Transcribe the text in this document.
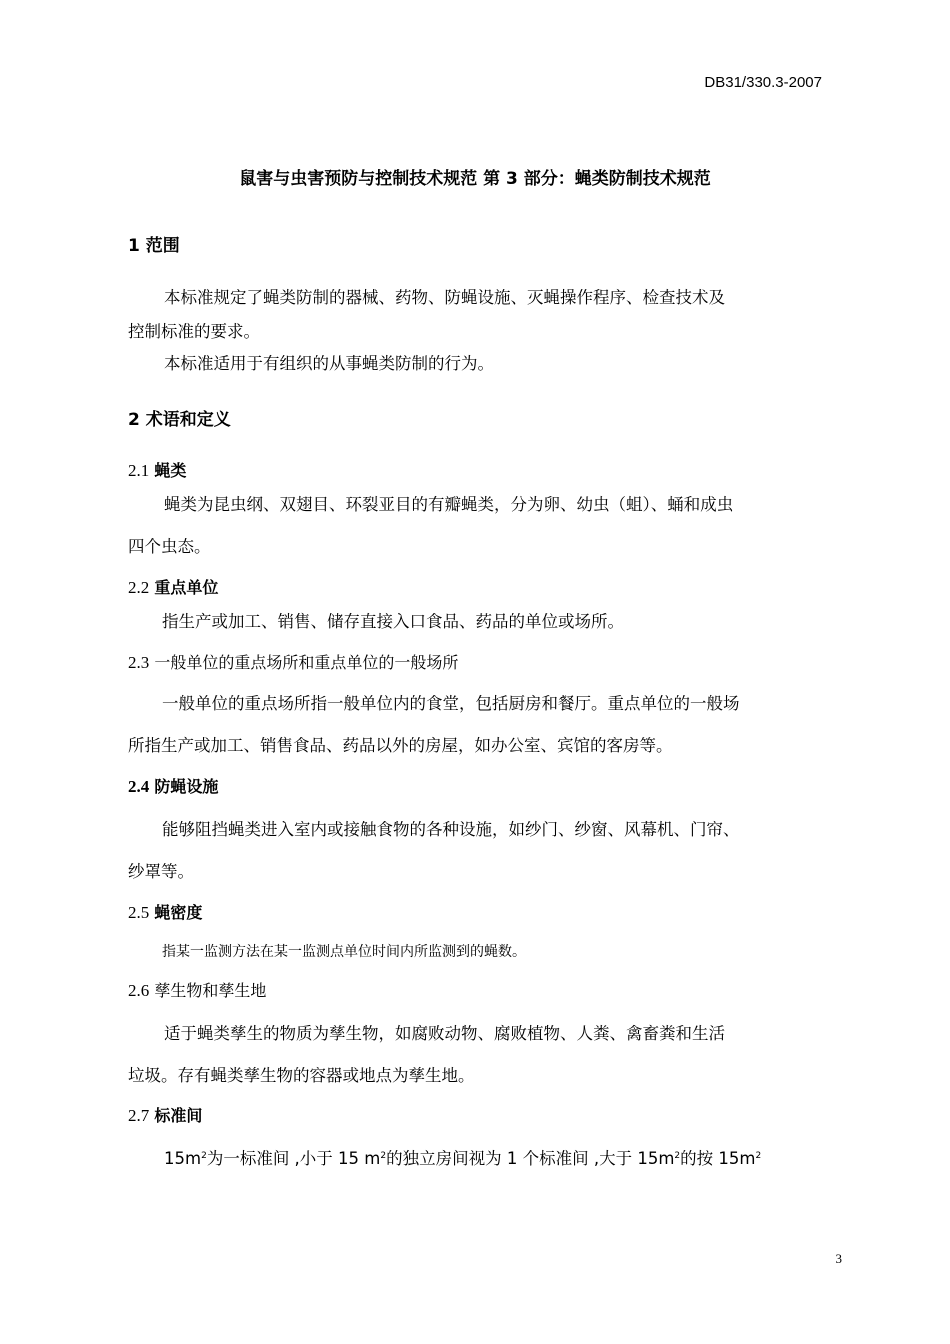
DB31/330.3-2007
鼠害与虫害预防与控制技术规范 第 3 部分：蝇类防制技术规范
1 范围
本标准规定了蝇类防制的器械、药物、防蝇设施、灭蝇操作程序、检查技术及
控制标准的要求。
本标准适用于有组织的从事蝇类防制的行为。
2 术语和定义
2.1 蝇类
蝇类为昆虫纲、双翅目、环裂亚目的有瓣蝇类，分为卵、幼虫（蛆）、蛹和成虫
四个虫态。
2.2 重点单位
指生产或加工、销售、储存直接入口食品、药品的单位或场所。
2.3 一般单位的重点场所和重点单位的一般场所
一般单位的重点场所指一般单位内的食堂，包括厨房和餐厅。重点单位的一般场
所指生产或加工、销售食品、药品以外的房屋，如办公室、宾馆的客房等。
2.4 防蝇设施
能够阻挡蝇类进入室内或接触食物的各种设施，如纱门、纱窗、风幕机、门帘、
纱罩等。
2.5 蝇密度
指某一监测方法在某一监测点单位时间内所监测到的蝇数。
2.6 孳生物和孳生地
适于蝇类孳生的物质为孳生物，如腐败动物、腐败植物、人粪、禽畜粪和生活
垃圾。存有蝇类孳生物的容器或地点为孳生地。
2.7 标准间
$15m^2$为一标准间 ,小于 15 $m^2$的独立房间视为 1 个标准间 ,大于 $15m^2$的按 $15m^2$
3
